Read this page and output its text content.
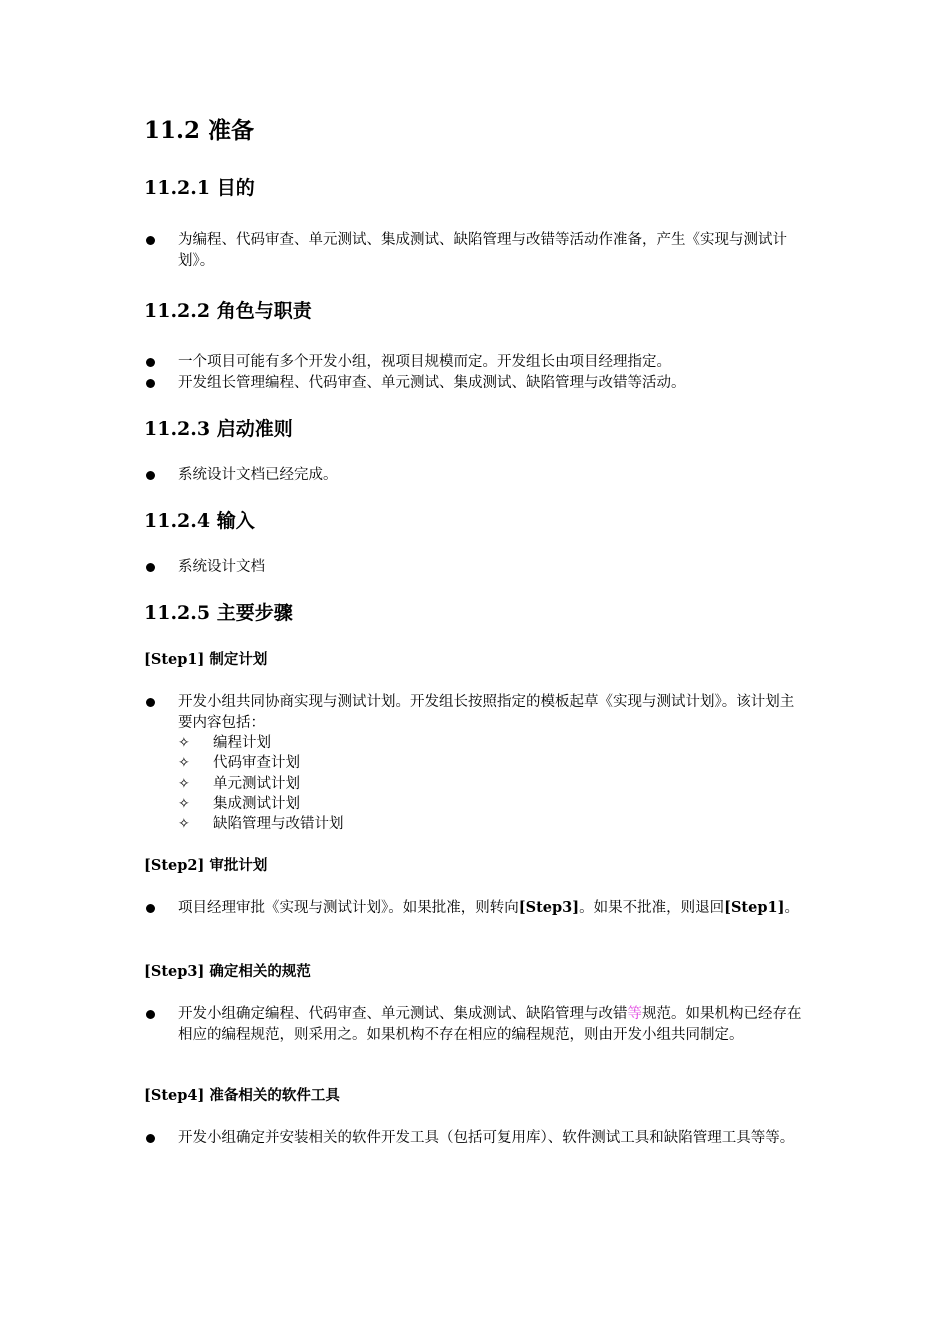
11.2 准备
11.2.1 目的
为编程、代码审查、单元测试、集成测试、缺陷管理与改错等活动作准备，产生《实现与测试计划》。
11.2.2 角色与职责
一个项目可能有多个开发小组，视项目规模而定。开发组长由项目经理指定。
开发组长管理编程、代码审查、单元测试、集成测试、缺陷管理与改错等活动。
11.2.3 启动准则
系统设计文档已经完成。
11.2.4 输入
系统设计文档
11.2.5 主要步骤
[Step1] 制定计划
开发小组共同协商实现与测试计划。开发组长按照指定的模板起草《实现与测试计划》。该计划主要内容包括：
✧ 编程计划
✧ 代码审查计划
✧ 单元测试计划
✧ 集成测试计划
✧ 缺陷管理与改错计划
[Step2] 审批计划
项目经理审批《实现与测试计划》。如果批准，则转向[Step3]。如果不批准，则退回[Step1]。
[Step3] 确定相关的规范
开发小组确定编程、代码审查、单元测试、集成测试、缺陷管理与改错等规范。如果机构已经存在相应的编程规范，则采用之。如果机构不存在相应的编程规范，则由开发小组共同制定。
[Step4] 准备相关的软件工具
开发小组确定并安装相关的软件开发工具（包括可复用库）、软件测试工具和缺陷管理工具等等。
